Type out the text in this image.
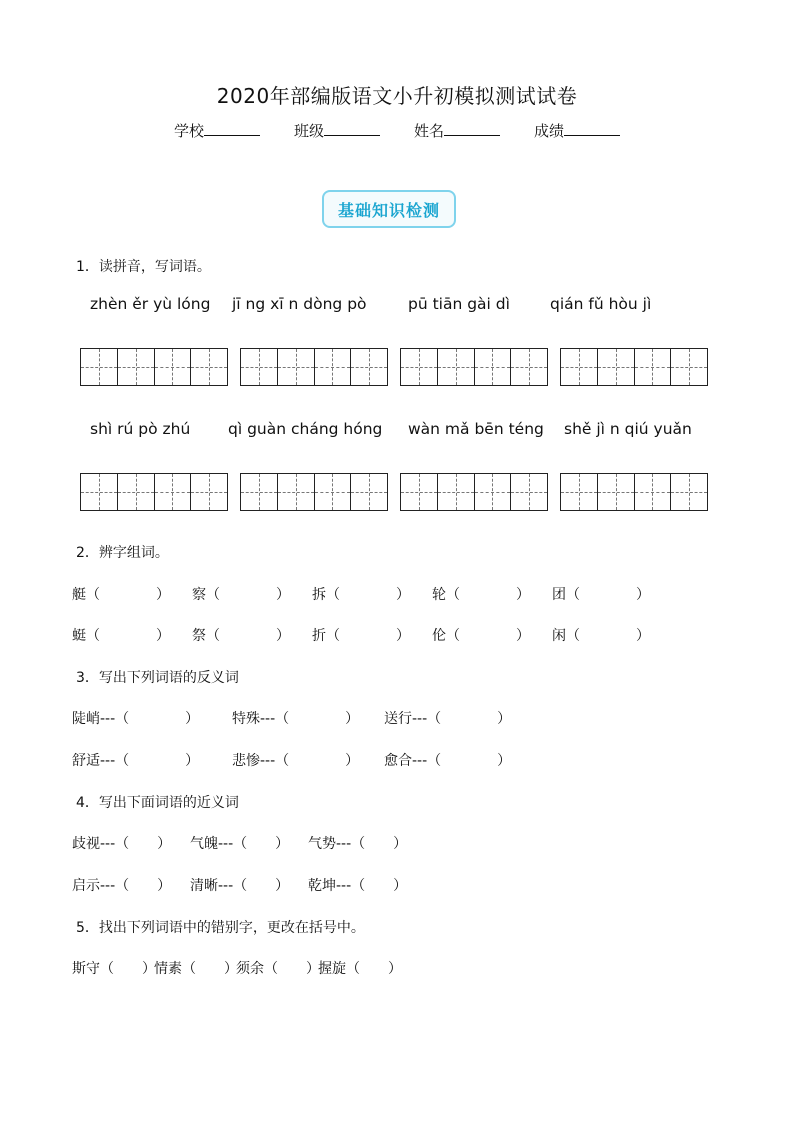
2020年部编版语文小升初模拟测试试卷
学校	班级	姓名	成绩
基础知识检测
1．读拼音，写词语。
zhèn ěr yù lóng jī ng xī n dòng pò	pū tiān gài dì	qián fǔ hòu jì
shì rú pò zhú qì guàn cháng hóng wàn mǎ bēn téng shě jì n qiú yuǎn
2．辨字组词。
艇（　　　　） 察（　　　　） 拆（　　　　） 轮（　　　　） 团（　　　　）
蜓（　　　　） 祭（　　　　） 折（　　　　） 伦（　　　　） 闲（　　　　）
3．写出下列词语的反义词
陡峭---（　　　　） 特殊---（　　　　） 送行---（　　　　）
舒适---（　　　　） 悲惨---（　　　　） 愈合---（　　　　）
4．写出下面词语的近义词
歧视---（　　） 气魄---（　　） 气势---（　　）
启示---（　　） 清晰---（　　） 乾坤---（　　）
5．找出下列词语中的错别字，更改在括号中。
斯守（　　）
情素（　　）
须余（　　）
握旋（　　）
